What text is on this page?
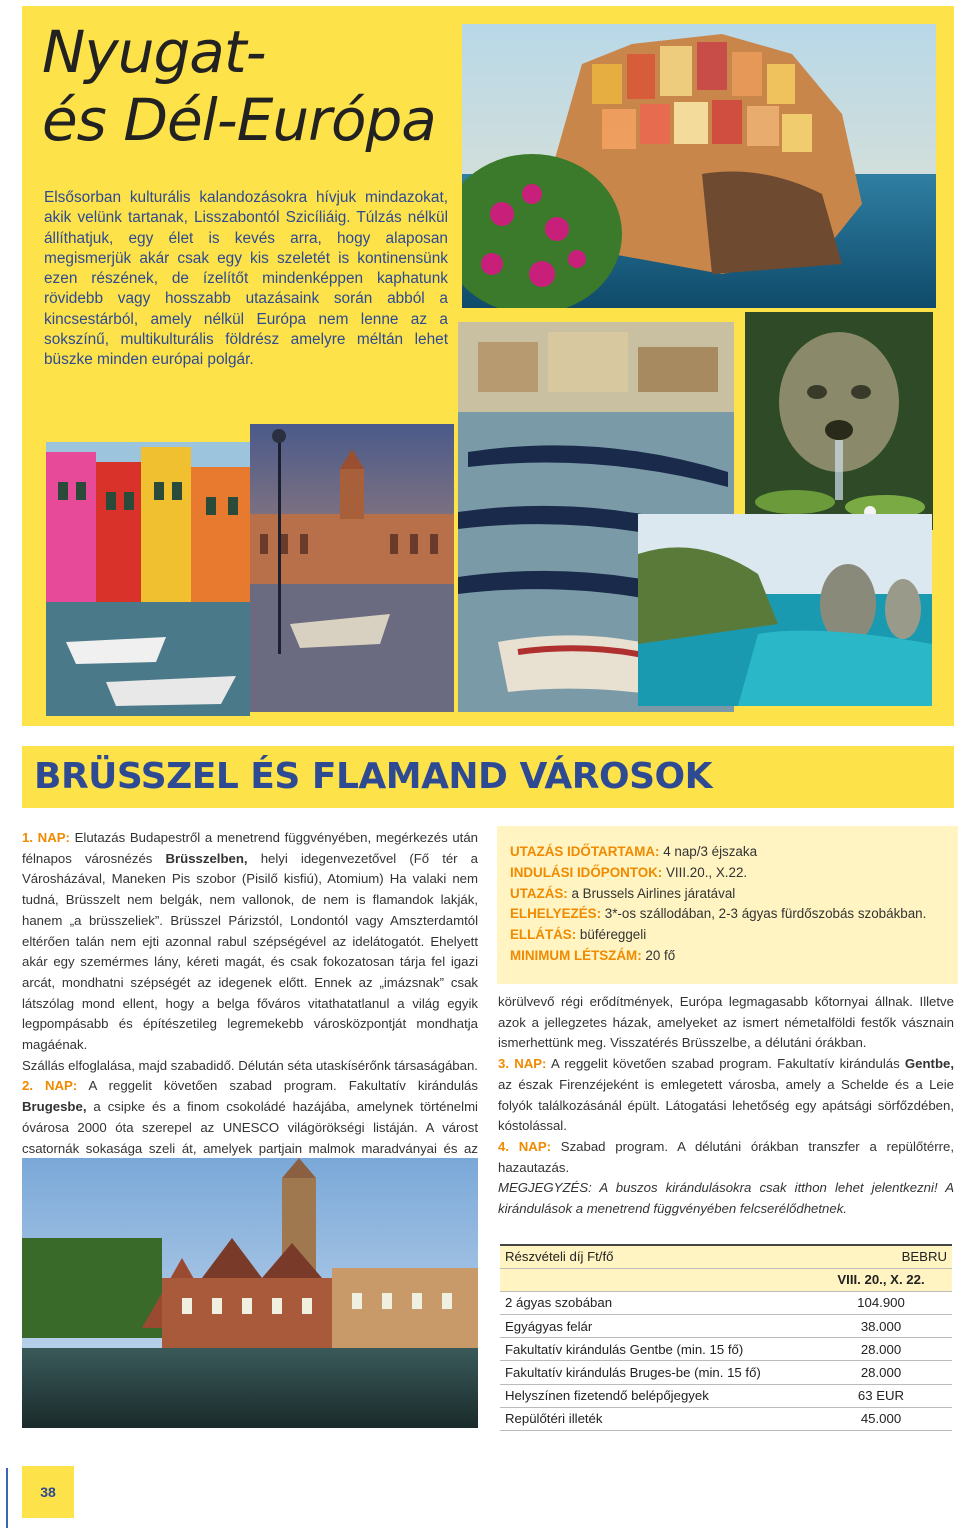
Nyugat-
és Dél-Európa

Elsősorban kulturális kalandozásokra hívjuk mindazokat, akik velünk tartanak, Lisszabontól Szicíliáig. Túlzás nélkül állíthatjuk, egy élet is kevés arra, hogy alaposan megismerjük akár csak egy kis szeletét is kontinensünk ezen részének, de ízelítőt mindenképpen kaphatunk rövidebb vagy hosszabb utazásaink során abból a kincsestárból, amely nélkül Európa nem lenne az a sokszínű, multikulturális földrész amelyre méltán lehet büszke minden európai polgár.

BRÜSSZEL ÉS FLAMAND VÁROSOK

1. NAP: Elutazás Budapestről a menetrend függvényében, megérkezés után félnapos városnézés Brüsszelben, helyi idegenvezetővel (Fő tér a Városházával, Maneken Pis szobor (Pisilő kisfiú), Atomium) Ha valaki nem tudná, Brüsszelt nem belgák, nem vallonok, de nem is flamandok lakják, hanem „a brüsszeliek”. Brüsszel Párizstól, Londontól vagy Amszterdamtól eltérően talán nem ejti azonnal rabul szépségével az idelátogatót. Ehelyett akár egy szemérmes lány, kéreti magát, és csak fokozatosan tárja fel igazi arcát, mondhatni szépségét az idegenek előtt. Ennek az „imázsnak” csak látszólag mond ellent, hogy a belga főváros vitathatatlanul a világ egyik legpompásabb és építészetileg legremekebb városközpontját mondhatja magáénak.

Szállás elfoglalása, majd szabadidő. Délután séta utaskísérőnk társaságában.

2. NAP: A reggelit követően szabad program. Fakultatív kirándulás Brugesbe, a csipke és a finom csokoládé hazájába, amelynek történelmi óvárosa 2000 óta szerepel az UNESCO világörökségi listáján. A várost csatornák sokasága szeli át, amelyek partjain malmok maradványai és az

UTAZÁS IDŐTARTAMA: 4 nap/3 éjszaka
INDULÁSI IDŐPONTOK: VIII.20., X.22.
UTAZÁS: a Brussels Airlines járatával
ELHELYEZÉS: 3*-os szállodában, 2-3 ágyas fürdőszobás szobákban.
ELLÁTÁS: büféreggeli
MINIMUM LÉTSZÁM: 20 fő

körülvevő régi erődítmények, Európa legmagasabb kőtornyai állnak. Illetve azok a jellegzetes házak, amelyeket az ismert németalföldi festők vásznain ismerhettünk meg. Visszatérés Brüsszelbe, a délutáni órákban.

3. NAP: A reggelit követően szabad program. Fakultatív kirándulás Gentbe, az észak Firenzéjeként is emlegetett városba, amely a Schelde és a Leie folyók találkozásánál épült. Látogatási lehetőség egy apátsági sörfőzdében, kóstolással.

4. NAP: Szabad program. A délutáni órákban transzfer a repülőtérre, hazautazás.

MEGJEGYZÉS: A buszos kirándulásokra csak itthon lehet jelentkezni! A kirándulások a menetrend függvényében felcserélődhetnek.

Részvételi díj Ft/fő	BEBRU
	VIII. 20., X. 22.
2 ágyas szobában	104.900
Egyágyas felár	38.000
Fakultatív kirándulás Gentbe (min. 15 fő)	28.000
Fakultatív kirándulás Bruges-be (min. 15 fő)	28.000
Helyszínen fizetendő belépőjegyek	63 EUR
Repülőtéri illeték	45.000
38
